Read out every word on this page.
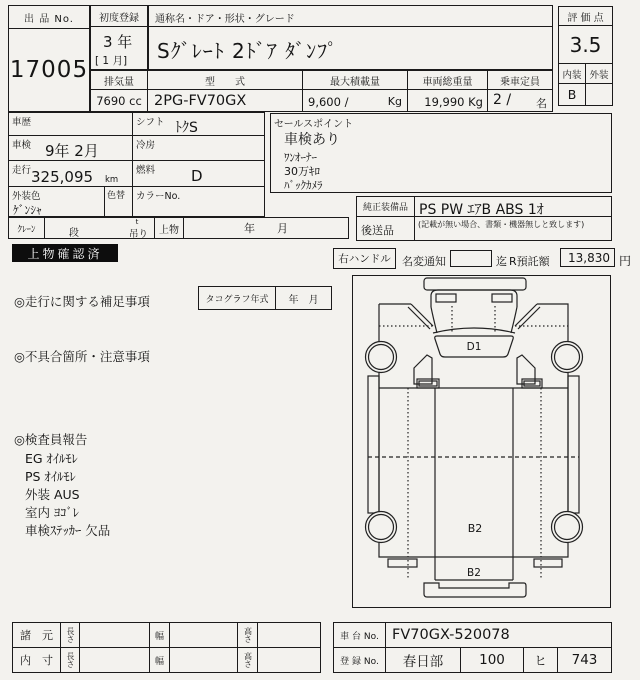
出 品 No.
17005
初度登録
3 年
[ 1 月]
通称名・ドア・形状・グレード
Sｸﾞﾚｰﾄ 2ﾄﾞｱ ﾀﾞﾝﾌﾟ
排気量
7690 cc
型　　式
2PG-FV70GX
最大積載量
9,600 /	Kg
車両総重量
19,990 Kg
乗車定員
2 / 名
評 価 点
3.5
内装 外装
B
車歴	シフト ﾄｸS
車検 9年 2月	冷房
走行 325,095 km
燃料 D
外装色
ｹﾞﾝｼｬ
色替 カラーNo.
ｸﾚｰﾝ	段
t
吊り	上物	年　　月
セールスポイント
車検あり
ﾜﾝｵｰﾅｰ
30万ｷﾛ
ﾊﾞｯｸｶﾒﾗ
純正装備品 PS PW ｴｱB ABS 1ｵ
後送品	(記載が無い場合、書類・機器無しと致します)
上物確認済	右ハンドル	名変通知	迄 R預託額 13,830 円
◎走行に関する補足事項	タコグラフ年式	年　月
◎不具合箇所・注意事項
◎検査員報告
EG ｵｲﾙﾓﾚ
PS ｵｲﾙﾓﾚ
外装 AUS
室内 ﾖｺﾞﾚ
車検ｽﾃｯｶｰ 欠品
D1
B2
B2
諸　元	長さ	幅	高さ
内　寸	長さ	幅	高さ
車 台 No. FV70GX-520078
登 録 No.	春日部	100	ヒ	743
